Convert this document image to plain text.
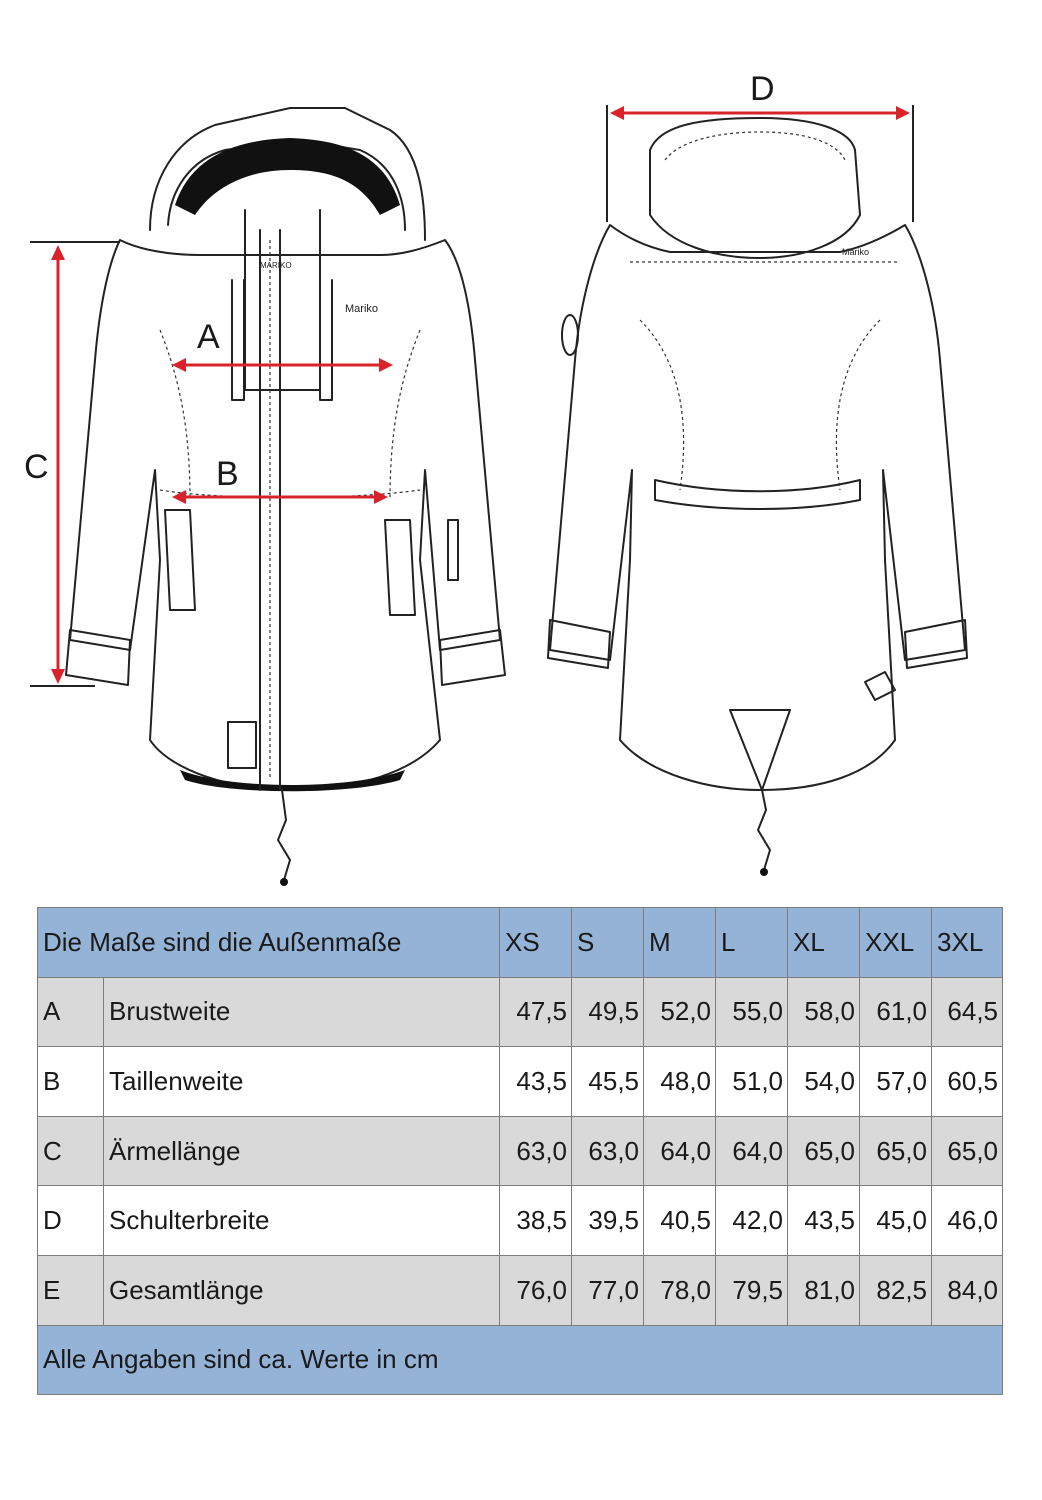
Mariko
MARIKO
A
B
C
Mariko
D
Die Maße sind die Außenmaße		XS	S	M	L	XL	XXL	3XL
A	Brustweite	47,5	49,5	52,0	55,0	58,0	61,0	64,5
B	Taillenweite	43,5	45,5	48,0	51,0	54,0	57,0	60,5
C	Ärmellänge	63,0	63,0	64,0	64,0	65,0	65,0	65,0
D	Schulterbreite	38,5	39,5	40,5	42,0	43,5	45,0	46,0
E	Gesamtlänge	76,0	77,0	78,0	79,5	81,0	82,5	84,0
Alle Angaben sind ca. Werte in cm								
